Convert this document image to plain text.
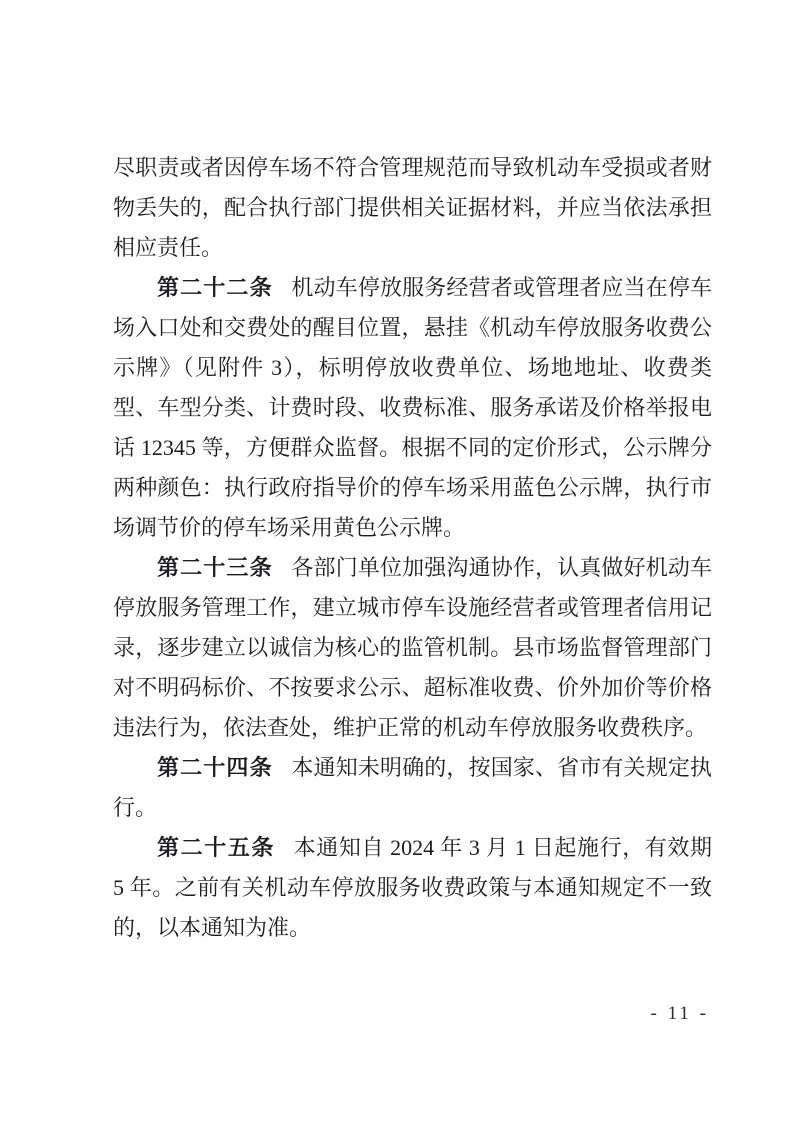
尽职责或者因停车场不符合管理规范而导致机动车受损或者财物丢失的，配合执行部门提供相关证据材料，并应当依法承担相应责任。

第二十二条 机动车停放服务经营者或管理者应当在停车场入口处和交费处的醒目位置，悬挂《机动车停放服务收费公示牌》（见附件 3），标明停放收费单位、场地地址、收费类型、车型分类、计费时段、收费标准、服务承诺及价格举报电话 12345 等，方便群众监督。根据不同的定价形式，公示牌分两种颜色：执行政府指导价的停车场采用蓝色公示牌，执行市场调节价的停车场采用黄色公示牌。

第二十三条 各部门单位加强沟通协作，认真做好机动车停放服务管理工作，建立城市停车设施经营者或管理者信用记录，逐步建立以诚信为核心的监管机制。县市场监督管理部门对不明码标价、不按要求公示、超标准收费、价外加价等价格违法行为，依法查处，维护正常的机动车停放服务收费秩序。

第二十四条 本通知未明确的，按国家、省市有关规定执行。

第二十五条 本通知自 2024 年 3 月 1 日起施行，有效期 5 年。之前有关机动车停放服务收费政策与本通知规定不一致的，以本通知为准。

- 11 -
